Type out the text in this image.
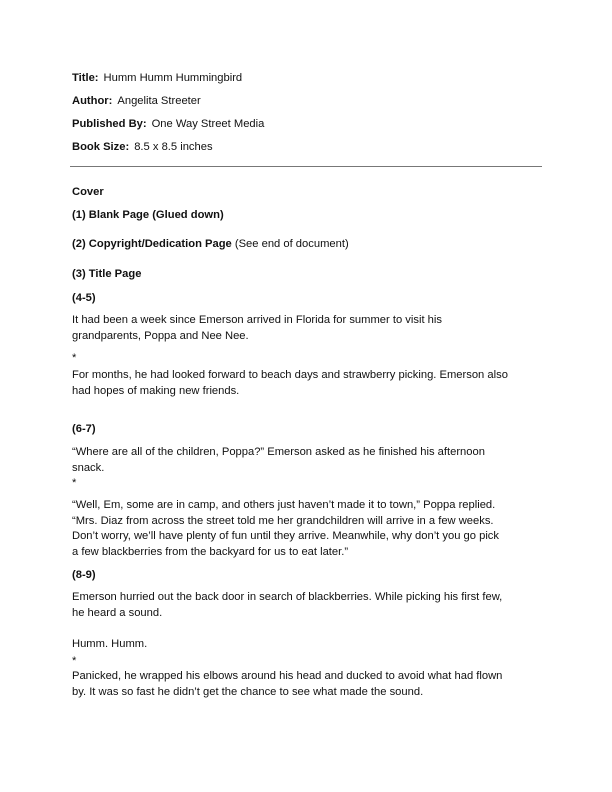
Title: Humm Humm Hummingbird
Author: Angelita Streeter
Published By: One Way Street Media
Book Size: 8.5 x 8.5 inches
Cover
(1) Blank Page (Glued down)
(2) Copyright/Dedication Page (See end of document)
(3) Title Page
(4-5)
It had been a week since Emerson arrived in Florida for summer to visit his
grandparents, Poppa and Nee Nee.
*
For months, he had looked forward to beach days and strawberry picking. Emerson also
had hopes of making new friends.
(6-7)
“Where are all of the children, Poppa?” Emerson asked as he finished his afternoon
snack.
*
“Well, Em, some are in camp, and others just haven’t made it to town,” Poppa replied.
“Mrs. Diaz from across the street told me her grandchildren will arrive in a few weeks.
Don’t worry, we’ll have plenty of fun until they arrive. Meanwhile, why don’t you go pick
a few blackberries from the backyard for us to eat later.”
(8-9)
Emerson hurried out the back door in search of blackberries. While picking his first few,
he heard a sound.
Humm. Humm.
*
Panicked, he wrapped his elbows around his head and ducked to avoid what had flown
by. It was so fast he didn’t get the chance to see what made the sound.
